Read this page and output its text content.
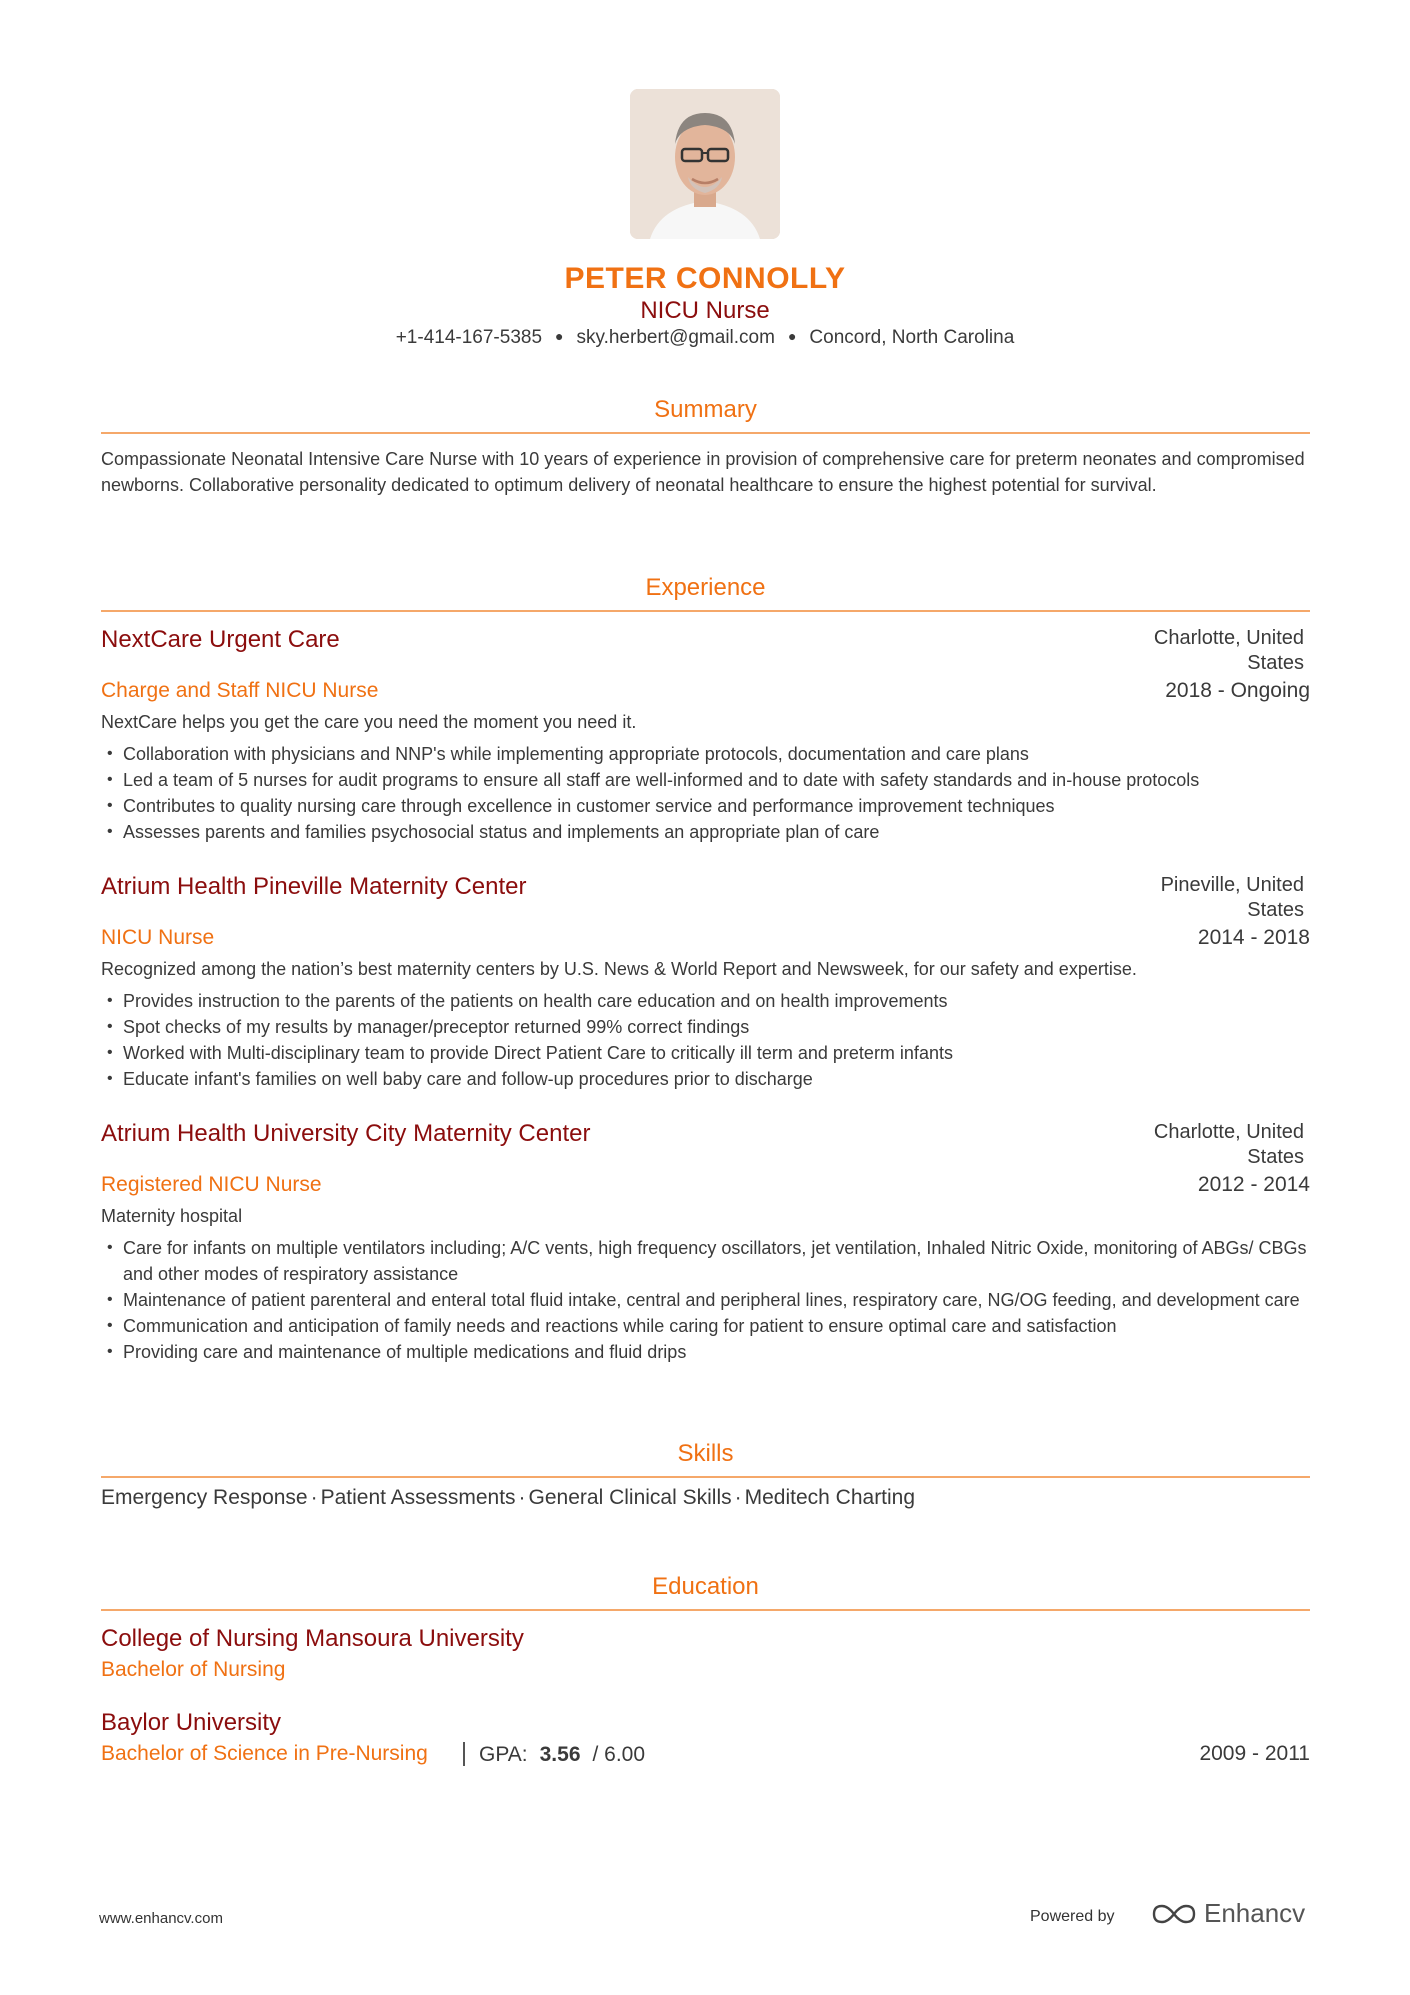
PETER CONNOLLY
NICU Nurse
+1-414-167-5385 ● sky.herbert@gmail.com ● Concord, North Carolina
Summary
Compassionate Neonatal Intensive Care Nurse with 10 years of experience in provision of comprehensive care for preterm neonates and compromised newborns. Collaborative personality dedicated to optimum delivery of neonatal healthcare to ensure the highest potential for survival.
Experience
NextCare Urgent Care	Charlotte, United States
Charge and Staff NICU Nurse	2018 - Ongoing
NextCare helps you get the care you need the moment you need it.
• Collaboration with physicians and NNP's while implementing appropriate protocols, documentation and care plans
• Led a team of 5 nurses for audit programs to ensure all staff are well-informed and to date with safety standards and in-house protocols
• Contributes to quality nursing care through excellence in customer service and performance improvement techniques
• Assesses parents and families psychosocial status and implements an appropriate plan of care
Atrium Health Pineville Maternity Center	Pineville, United States
NICU Nurse	2014 - 2018
Recognized among the nation’s best maternity centers by U.S. News & World Report and Newsweek, for our safety and expertise.
• Provides instruction to the parents of the patients on health care education and on health improvements
• Spot checks of my results by manager/preceptor returned 99% correct findings
• Worked with Multi-disciplinary team to provide Direct Patient Care to critically ill term and preterm infants
• Educate infant's families on well baby care and follow-up procedures prior to discharge
Atrium Health University City Maternity Center	Charlotte, United States
Registered NICU Nurse	2012 - 2014
Maternity hospital
• Care for infants on multiple ventilators including; A/C vents, high frequency oscillators, jet ventilation, Inhaled Nitric Oxide, monitoring of ABGs/ CBGs and other modes of respiratory assistance
• Maintenance of patient parenteral and enteral total fluid intake, central and peripheral lines, respiratory care, NG/OG feeding, and development care
• Communication and anticipation of family needs and reactions while caring for patient to ensure optimal care and satisfaction
• Providing care and maintenance of multiple medications and fluid drips
Skills
Emergency Response · Patient Assessments · General Clinical Skills · Meditech Charting
Education
College of Nursing Mansoura University
Bachelor of Nursing
Baylor University
Bachelor of Science in Pre-Nursing	GPA: 3.56 / 6.00	2009 - 2011
www.enhancv.com	Powered by	Enhancv
